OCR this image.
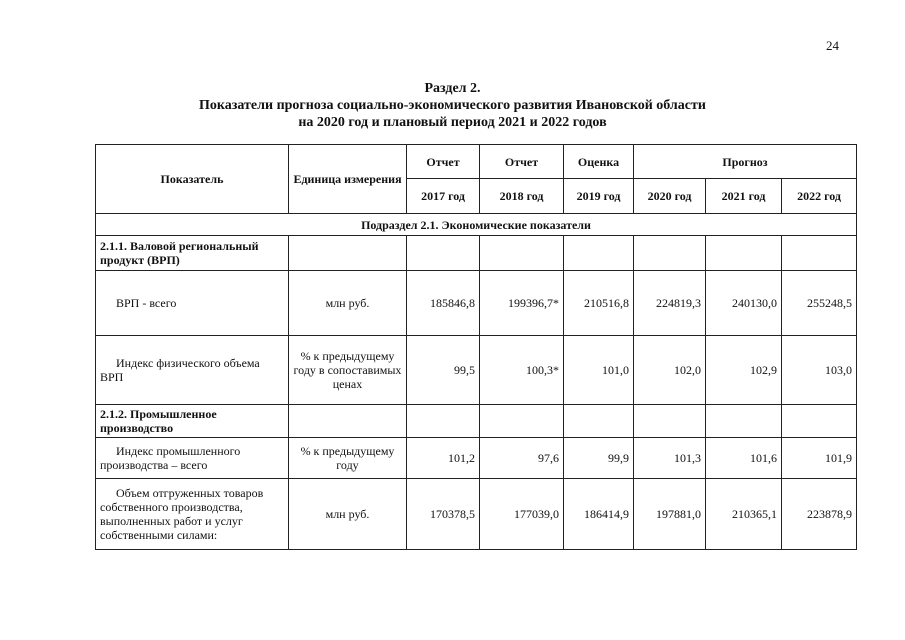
24
Раздел 2.
Показатели прогноза социально-экономического развития Ивановской области
на 2020 год и плановый период 2021 и 2022 годов
Показатель	Единица измерения	Отчет	Отчет	Оценка	Прогноз		
		2017 год	2018 год	2019 год	2020 год	2021 год	2022 год
Подраздел 2.1. Экономические показатели							
2.1.1. Валовой региональный продукт (ВРП)							
ВРП - всего	млн руб.	185846,8	199396,7*	210516,8	224819,3	240130,0	255248,5
Индекс физического объема ВРП	% к предыдущему году в сопоставимых ценах	99,5	100,3*	101,0	102,0	102,9	103,0
2.1.2. Промышленное производство							
Индекс промышленного производства – всего	% к предыдущему году	101,2	97,6	99,9	101,3	101,6	101,9
Объем отгруженных товаров собственного производства, выполненных работ и услуг собственными силами:	млн руб.	170378,5	177039,0	186414,9	197881,0	210365,1	223878,9
